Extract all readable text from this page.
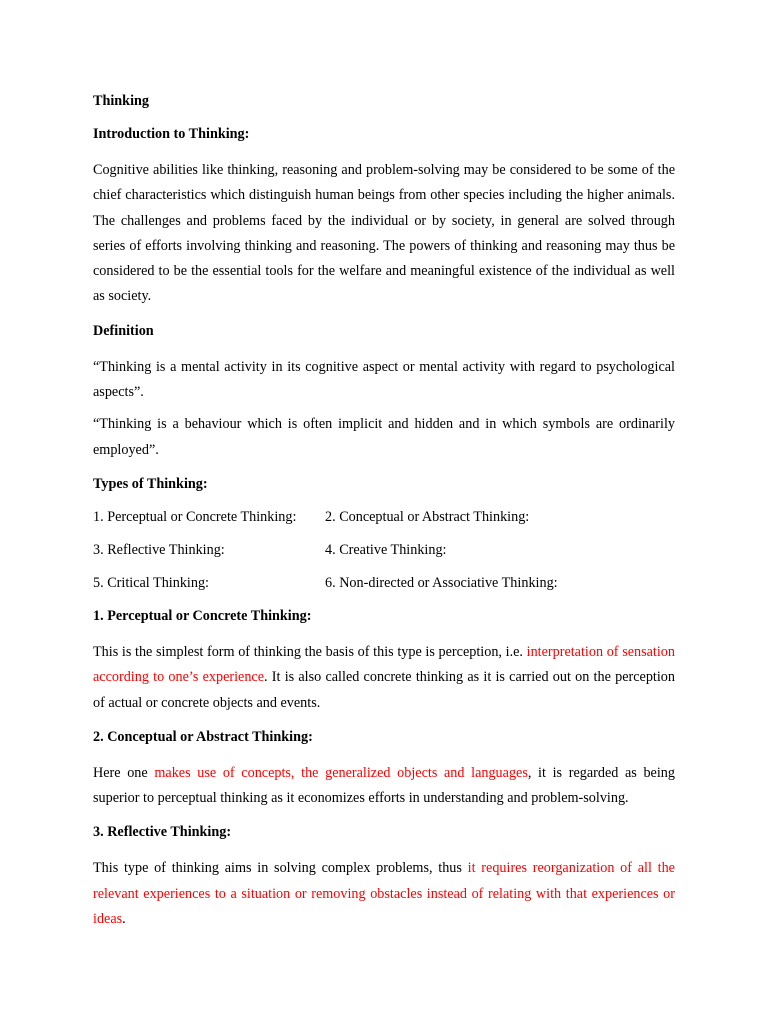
Thinking
Introduction to Thinking:
Cognitive abilities like thinking, reasoning and problem-solving may be considered to be some of the chief characteristics which distinguish human beings from other species including the higher animals. The challenges and problems faced by the individual or by society, in general are solved through series of efforts involving thinking and reasoning. The powers of thinking and reasoning may thus be considered to be the essential tools for the welfare and meaningful existence of the individual as well as society.
Definition
“Thinking is a mental activity in its cognitive aspect or mental activity with regard to psychological aspects”.
“Thinking is a behaviour which is often implicit and hidden and in which symbols are ordinarily employed”.
Types of Thinking:
1. Perceptual or Concrete Thinking: 2. Conceptual or Abstract Thinking:
3. Reflective Thinking:	4. Creative Thinking:
5. Critical Thinking:	6. Non-directed or Associative Thinking:
1. Perceptual or Concrete Thinking:
This is the simplest form of thinking the basis of this type is perception, i.e. interpretation of sensation according to one’s experience. It is also called concrete thinking as it is carried out on the perception of actual or concrete objects and events.
2. Conceptual or Abstract Thinking:
Here one makes use of concepts, the generalized objects and languages, it is regarded as being superior to perceptual thinking as it economizes efforts in understanding and problem-solving.
3. Reflective Thinking:
This type of thinking aims in solving complex problems, thus it requires reorganization of all the relevant experiences to a situation or removing obstacles instead of relating with that experiences or ideas.
